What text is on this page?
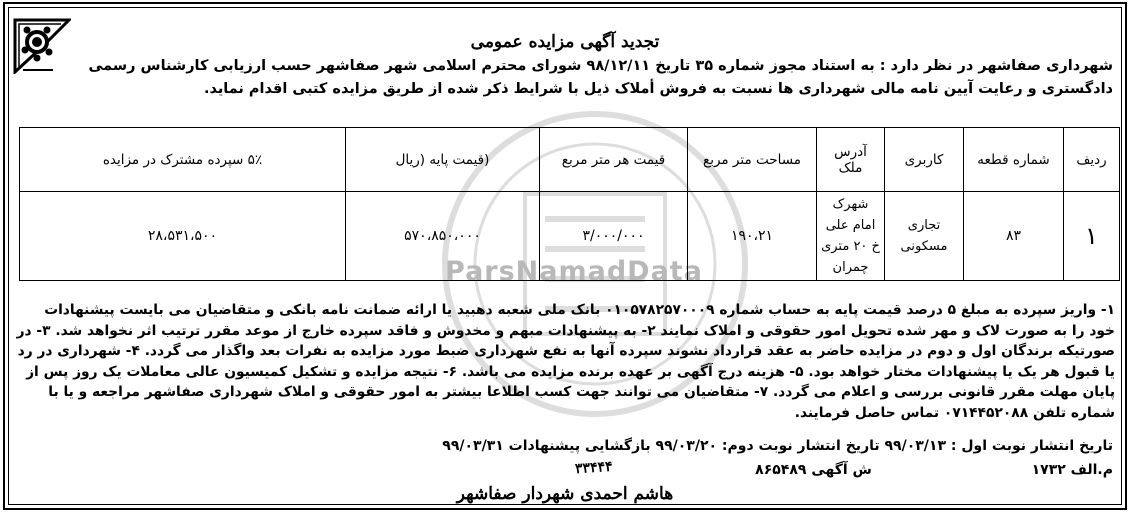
ParsNamadData
تجدید آگهی مزایده عمومی
شهرداری صفاشهر در نظر دارد : به استناد مجوز شماره ۳۵ تاریخ ۹۸/۱۲/۱۱ شورای محترم اسلامی شهر صفاشهر حسب ارزیابی کارشناس رسمی دادگستری و رعایت آیین نامه مالی شهرداری ها نسبت به فروش أملاک ذیل با شرایط ذکر شده از طریق مزایده کتبی اقدام نماید.
ردیف	شماره قطعه	کاربری	آدرس ملک	مساحت متر مربع	قیمت هر متر مربع	(قیمت پایه (ریال	۵٪ سپرده مشترک در مزایده
۱	۸۳	تجاری مسکونی	شهرک امام علی خ ۲۰ متری چمران	۱۹۰،۲۱	۳/۰۰۰/۰۰۰	۵۷۰،۸۵۰،۰۰۰	۲۸،۵۳۱،۵۰۰
۱- واریز سپرده به مبلغ ۵ درصد قیمت پایه به حساب شماره ۰۱۰۵۷۸۲۵۷۰۰۰۹ بانک ملی شعبه دهبید یا ارائه ضمانت نامه بانکی و متقاضیان می بایست پیشنهادات خود را به صورت لاک و مهر شده تحویل امور حقوقی و املاک نمایند ۲- به پیشنهادات مبهم و مخدوش و فاقد سپرده خارج از موعد مقرر ترتیب اثر نخواهد شد. ۳- در صورتیکه برندگان اول و دوم در مزایده حاضر به عقد قرارداد نشوند سپرده آنها به نفع شهرداری ضبط مورد مزایده به نفرات بعد واگذار می گردد. ۴- شهرداری در رد یا قبول هر یک یا پیشنهادات مختار خواهد بود. ۵- هزینه درج آگهی بر عهده برنده مزایده می باشد. ۶- نتیجه مزایده و تشکیل کمیسیون عالی معاملات یک روز پس از پایان مهلت مقرر قانونی بررسی و اعلام می گردد. ۷- متقاضیان می توانند جهت کسب اطلاعا بیشتر به امور حقوقی و املاک شهرداری صفاشهر مراجعه و یا با شماره تلفن ۰۷۱۴۴۵۲۰۸۸ تماس حاصل فرمایند.
تاریخ انتشار نوبت اول : ۹۹/۰۳/۱۳ تاریخ انتشار نوبت دوم: ۹۹/۰۳/۲۰ بازگشایی پیشنهادات ۹۹/۰۳/۳۱
م.الف ۱۷۳۲  ش آگهی ۸۶۵۴۸۹
۳۳۴۴۴
هاشم احمدی شهردار صفاشهر
